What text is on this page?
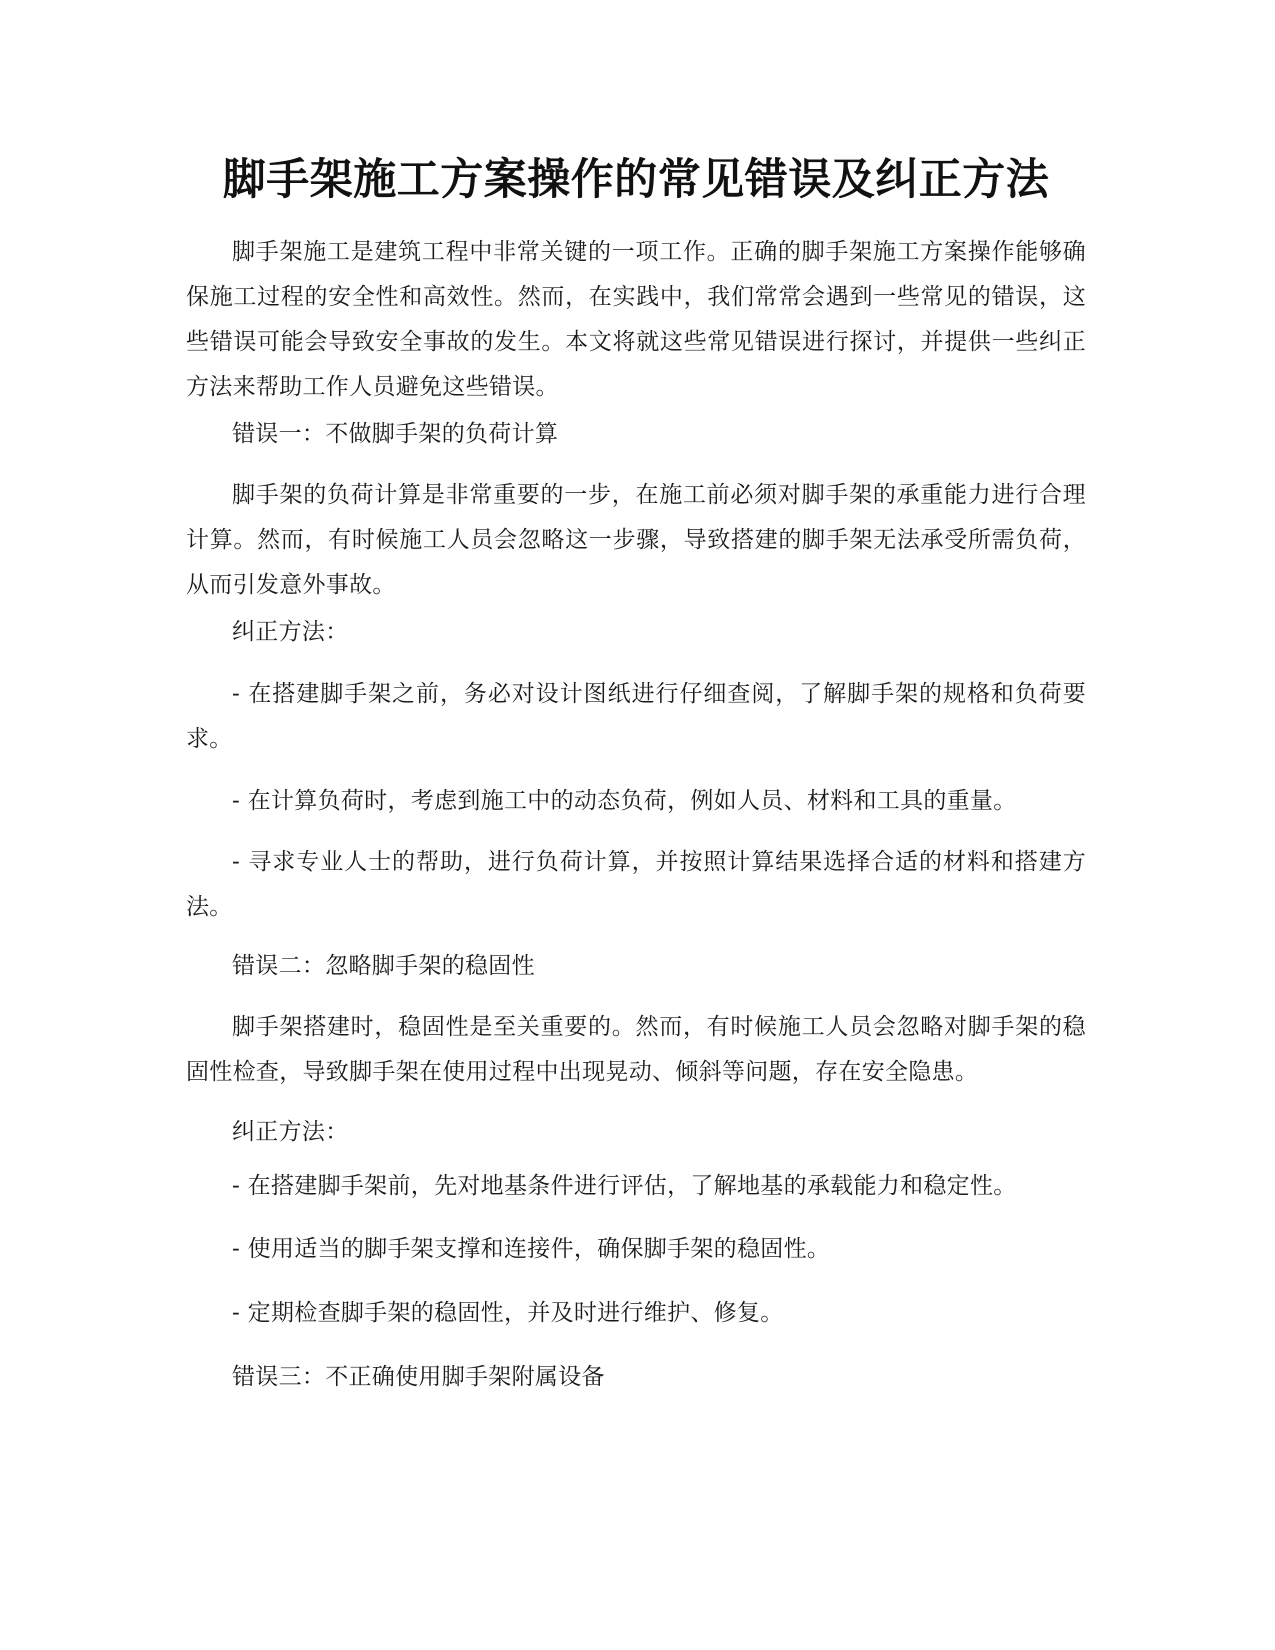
脚手架施工方案操作的常见错误及纠正方法

脚手架施工是建筑工程中非常关键的一项工作。正确的脚手架施工方案操作能够确保施工过程的安全性和高效性。然而，在实践中，我们常常会遇到一些常见的错误，这些错误可能会导致安全事故的发生。本文将就这些常见错误进行探讨，并提供一些纠正方法来帮助工作人员避免这些错误。

错误一：不做脚手架的负荷计算

脚手架的负荷计算是非常重要的一步，在施工前必须对脚手架的承重能力进行合理计算。然而，有时候施工人员会忽略这一步骤，导致搭建的脚手架无法承受所需负荷，从而引发意外事故。

纠正方法：

- 在搭建脚手架之前，务必对设计图纸进行仔细查阅，了解脚手架的规格和负荷要求。

- 在计算负荷时，考虑到施工中的动态负荷，例如人员、材料和工具的重量。

- 寻求专业人士的帮助，进行负荷计算，并按照计算结果选择合适的材料和搭建方法。

错误二：忽略脚手架的稳固性

脚手架搭建时，稳固性是至关重要的。然而，有时候施工人员会忽略对脚手架的稳固性检查，导致脚手架在使用过程中出现晃动、倾斜等问题，存在安全隐患。

纠正方法：

- 在搭建脚手架前，先对地基条件进行评估，了解地基的承载能力和稳定性。

- 使用适当的脚手架支撑和连接件，确保脚手架的稳固性。

- 定期检查脚手架的稳固性，并及时进行维护、修复。

错误三：不正确使用脚手架附属设备
